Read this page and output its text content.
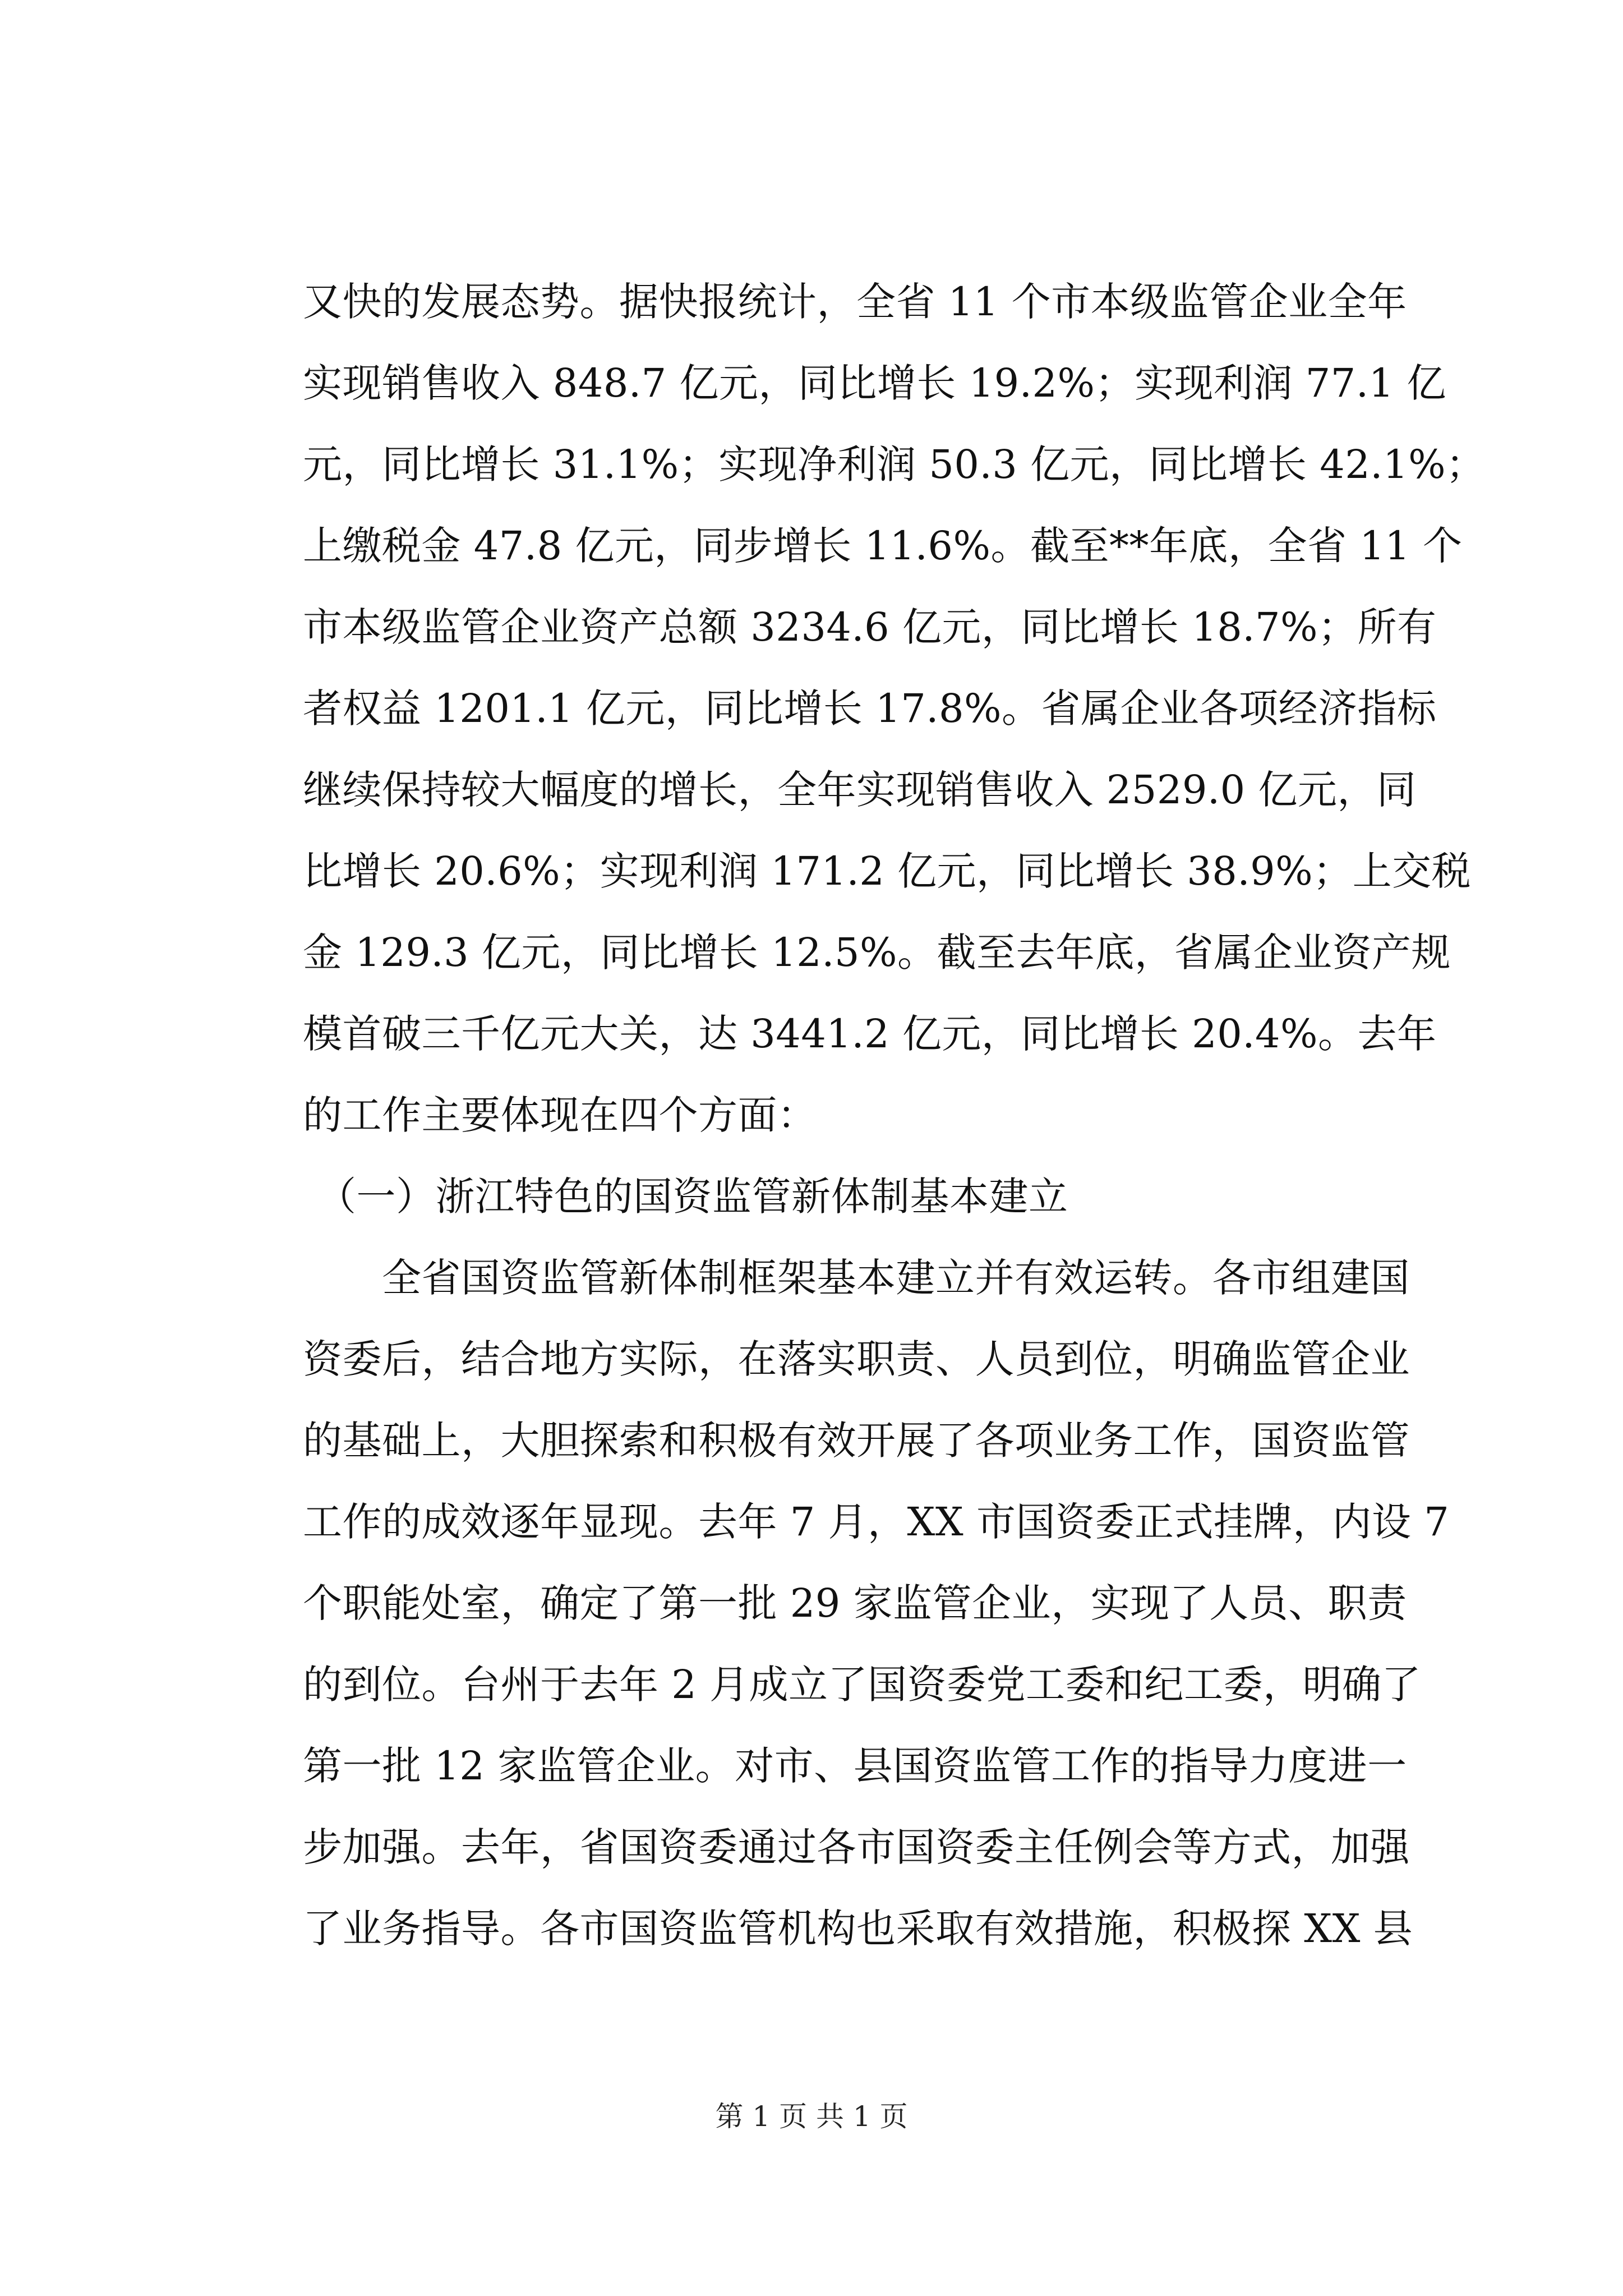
又快的发展态势。据快报统计，全省 11 个市本级监管企业全年
实现销售收入 848.7 亿元，同比增长 19.2%；实现利润 77.1 亿
元，同比增长 31.1%；实现净利润 50.3 亿元，同比增长 42.1%；
上缴税金 47.8 亿元，同步增长 11.6%。截至**年底，全省 11 个
市本级监管企业资产总额 3234.6 亿元，同比增长 18.7%；所有
者权益 1201.1 亿元，同比增长 17.8%。省属企业各项经济指标
继续保持较大幅度的增长，全年实现销售收入 2529.0 亿元，同
比增长 20.6%；实现利润 171.2 亿元，同比增长 38.9%；上交税
金 129.3 亿元，同比增长 12.5%。截至去年底，省属企业资产规
模首破三千亿元大关，达 3441.2 亿元，同比增长 20.4%。去年
的工作主要体现在四个方面：
（一）浙江特色的国资监管新体制基本建立
　　全省国资监管新体制框架基本建立并有效运转。各市组建国
资委后，结合地方实际，在落实职责、人员到位，明确监管企业
的基础上，大胆探索和积极有效开展了各项业务工作，国资监管
工作的成效逐年显现。去年 7 月，XX 市国资委正式挂牌，内设 7
个职能处室，确定了第一批 29 家监管企业，实现了人员、职责
的到位。台州于去年 2 月成立了国资委党工委和纪工委，明确了
第一批 12 家监管企业。对市、县国资监管工作的指导力度进一
步加强。去年，省国资委通过各市国资委主任例会等方式，加强
了业务指导。各市国资监管机构也采取有效措施，积极探 XX 县
第 1 页 共 1 页
